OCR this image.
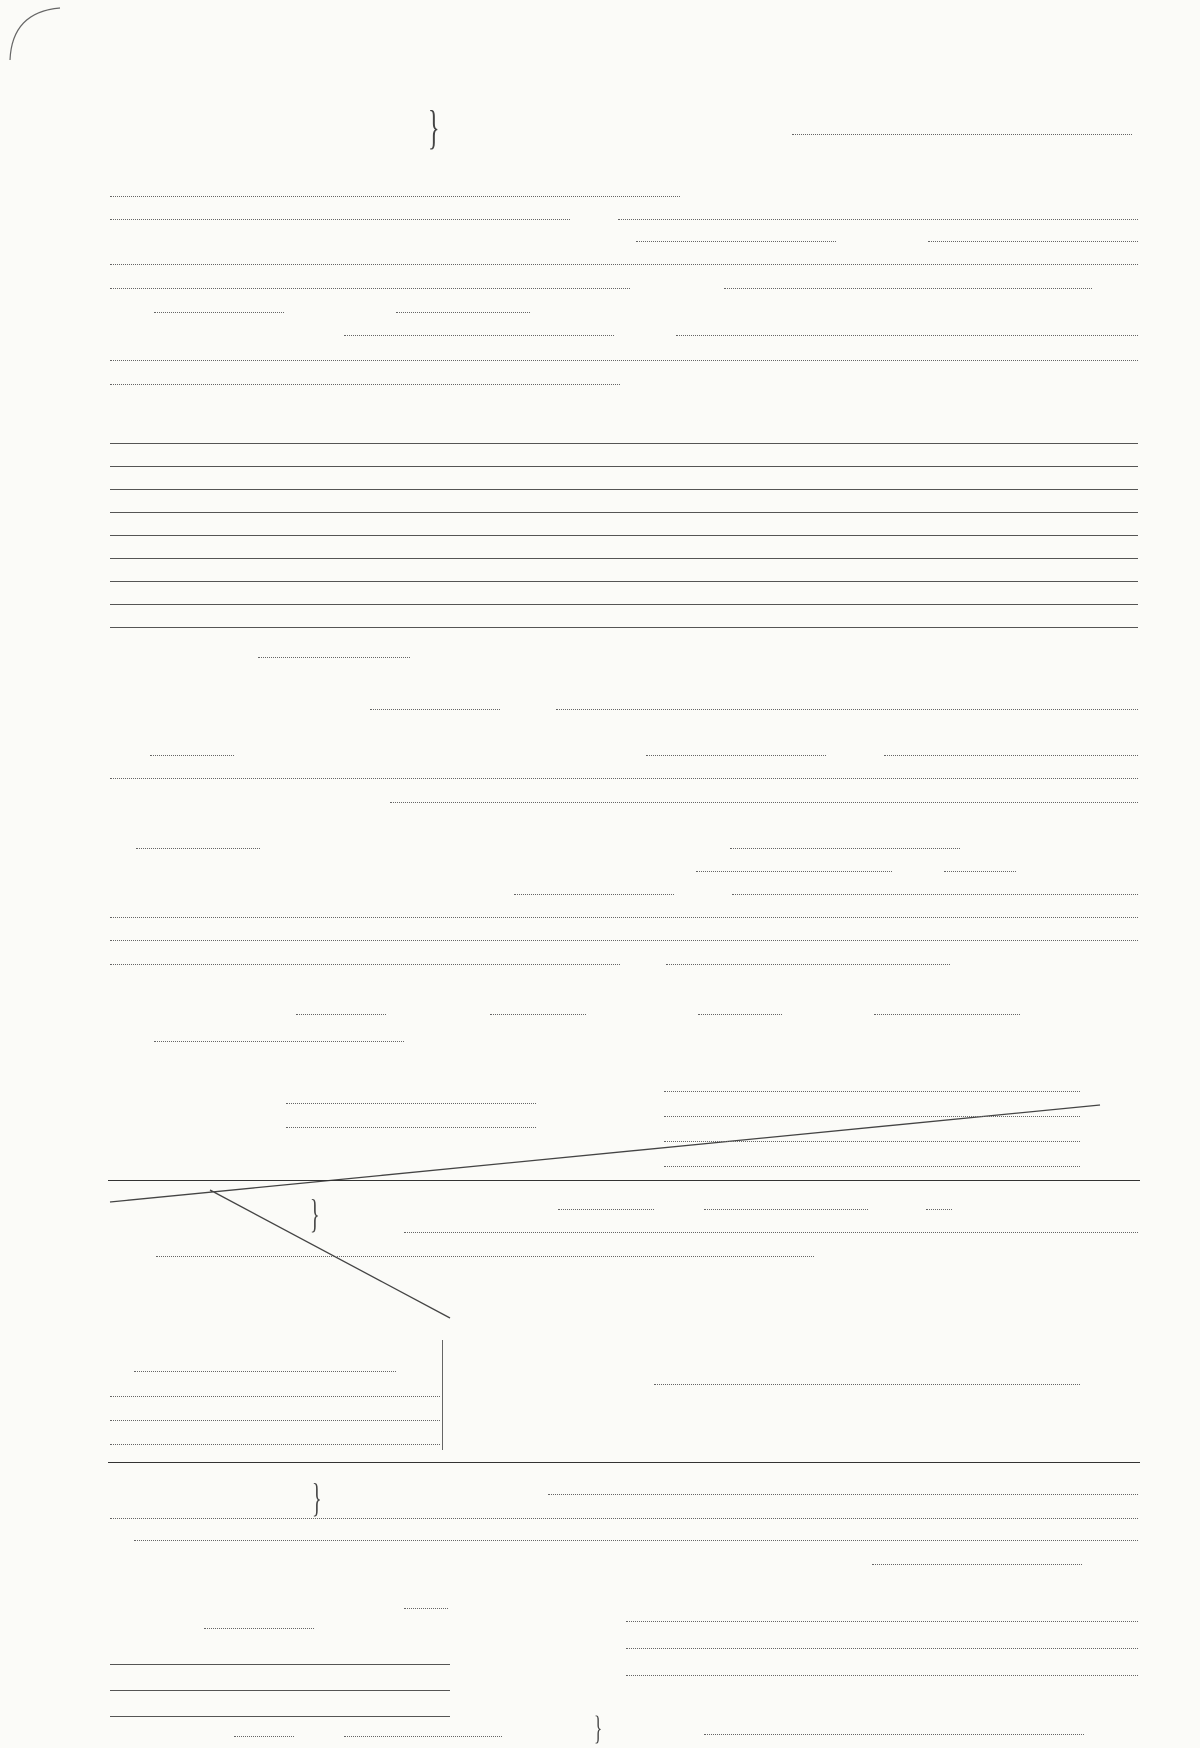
}
}
}
}
